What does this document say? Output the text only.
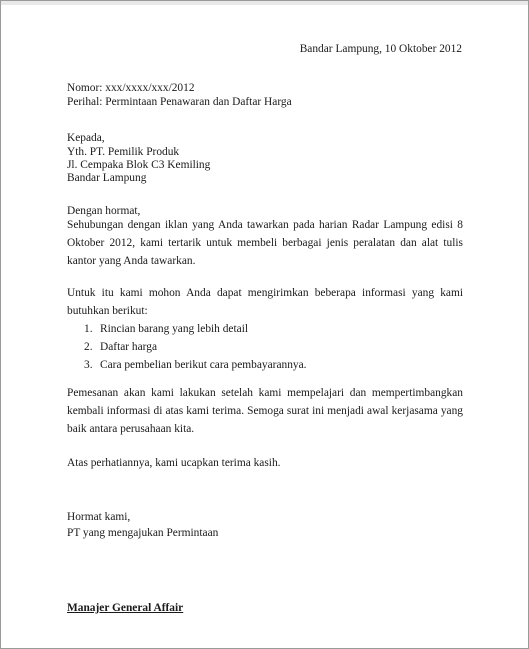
Bandar Lampung, 10 Oktober 2012
Nomor: xxx/xxxx/xxx/2012
Perihal: Permintaan Penawaran dan Daftar Harga
Kepada,
Yth. PT. Pemilik Produk
Jl. Cempaka Blok C3 Kemiling
Bandar Lampung
Dengan hormat,
Sehubungan dengan iklan yang Anda tawarkan pada harian Radar Lampung edisi 8 Oktober 2012, kami tertarik untuk membeli berbagai jenis peralatan dan alat tulis kantor yang Anda tawarkan.
Untuk itu kami mohon Anda dapat mengirimkan beberapa informasi yang kami butuhkan berikut:
1. Rincian barang yang lebih detail
2. Daftar harga
3. Cara pembelian berikut cara pembayarannya.
Pemesanan akan kami lakukan setelah kami mempelajari dan mempertimbangkan kembali informasi di atas kami terima. Semoga surat ini menjadi awal kerjasama yang baik antara perusahaan kita.
Atas perhatiannya, kami ucapkan terima kasih.
Hormat kami,
PT yang mengajukan Permintaan
Manajer General Affair
